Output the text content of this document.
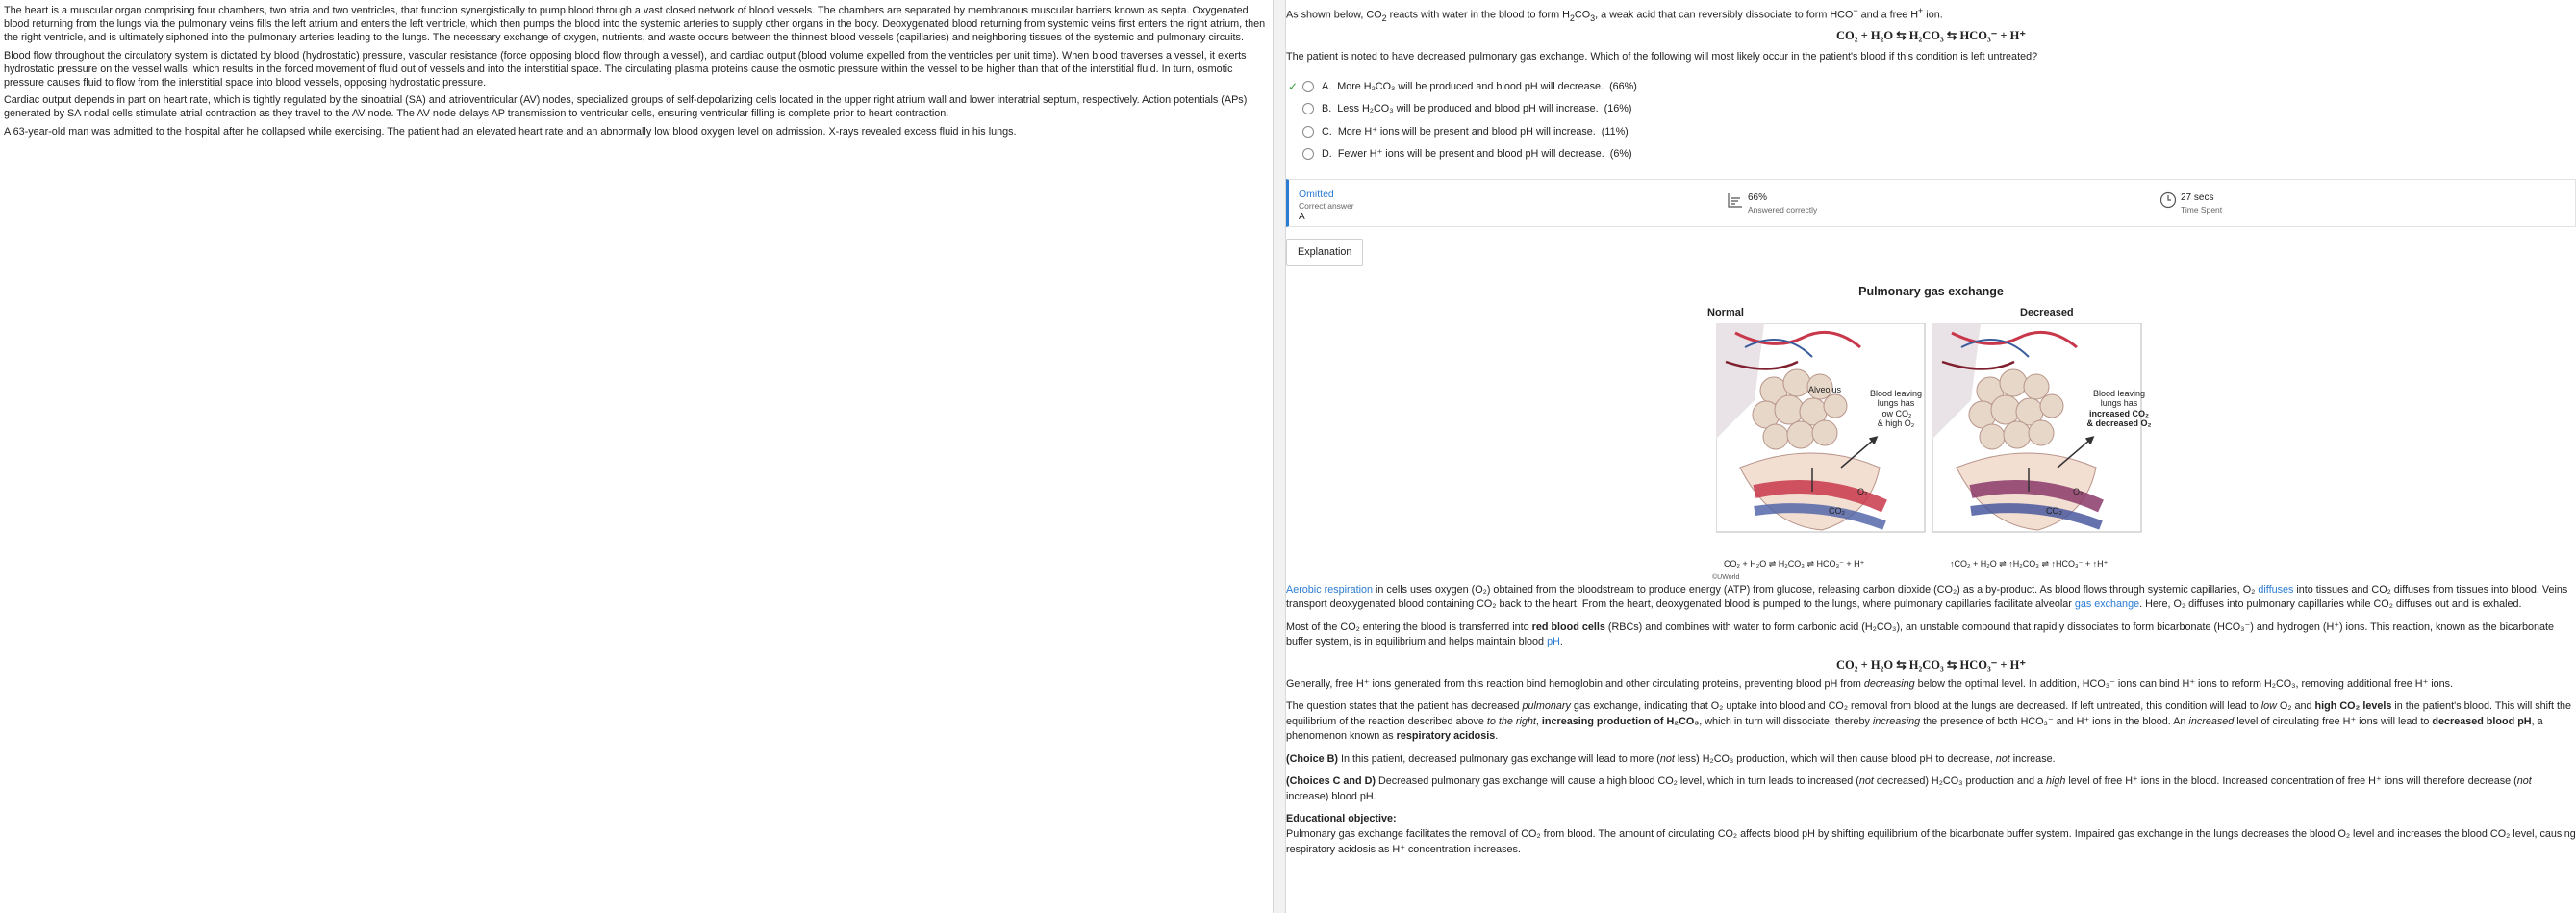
The heart is a muscular organ comprising four chambers, two atria and two ventricles, that function synergistically to pump blood through a vast closed network of blood vessels. The chambers are separated by membranous muscular barriers known as septa. Oxygenated blood returning from the lungs via the pulmonary veins fills the left atrium and enters the left ventricle, which then pumps the blood into the systemic arteries to supply other organs in the body. Deoxygenated blood returning from systemic veins first enters the right atrium, then the right ventricle, and is ultimately siphoned into the pulmonary arteries leading to the lungs. The necessary exchange of oxygen, nutrients, and waste occurs between the thinnest blood vessels (capillaries) and neighboring tissues of the systemic and pulmonary circuits.

Blood flow throughout the circulatory system is dictated by blood (hydrostatic) pressure, vascular resistance (force opposing blood flow through a vessel), and cardiac output (blood volume expelled from the ventricles per unit time). When blood traverses a vessel, it exerts hydrostatic pressure on the vessel walls, which results in the forced movement of fluid out of vessels and into the interstitial space. The circulating plasma proteins cause the osmotic pressure within the vessel to be higher than that of the interstitial fluid. In turn, osmotic pressure causes fluid to flow from the interstitial space into blood vessels, opposing hydrostatic pressure.

Cardiac output depends in part on heart rate, which is tightly regulated by the sinoatrial (SA) and atrioventricular (AV) nodes, specialized groups of self-depolarizing cells located in the upper right atrium wall and lower interatrial septum, respectively. Action potentials (APs) generated by SA nodal cells stimulate atrial contraction as they travel to the AV node. The AV node delays AP transmission to ventricular cells, ensuring ventricular filling is complete prior to heart contraction.

A 63-year-old man was admitted to the hospital after he collapsed while exercising. The patient had an elevated heart rate and an abnormally low blood oxygen level on admission. X-rays revealed excess fluid in his lungs.

As shown below, $CO_2$ reacts with water in the blood to form $H_2CO_3$, a weak acid that can reversibly dissociate to form HCO− and a free H+ ion.
CO₂ + H₂O ⇆ H₂CO₃ ⇆ HCO₃⁻ + H⁺
The patient is noted to have decreased pulmonary gas exchange. Which of the following will most likely occur in the patient's blood if this condition is left untreated?
✓ A. More H₂CO₃ will be produced and blood pH will decrease. (66%)
B. Less H₂CO₃ will be produced and blood pH will increase. (16%)
C. More H⁺ ions will be present and blood pH will increase. (11%)
D. Fewer H⁺ ions will be present and blood pH will decrease. (6%)
Omitted
Correct answer
A
66%
Answered correctly
27 secs
Time Spent
Explanation
Pulmonary gas exchange
Normal	Decreased
Alveolus	Blood leaving
lungs has
low CO₂
& high O₂
O₂
CO₂
Blood leaving
lungs has
increased CO₂
& decreased O₂
O₂
CO₂
CO₂ + H₂O ⇌ H₂CO₃ ⇌ HCO₃⁻ + H⁺	↑CO₂ + H₂O ⇌ ↑H₂CO₃ ⇌ ↑HCO₃⁻ + ↑H⁺
©UWorld

Aerobic respiration in cells uses oxygen (O₂) obtained from the bloodstream to produce energy (ATP) from glucose, releasing carbon dioxide (CO₂) as a by-product. As blood flows through systemic capillaries, O₂ diffuses into tissues and CO₂ diffuses from tissues into blood. Veins transport deoxygenated blood containing CO₂ back to the heart. From the heart, deoxygenated blood is pumped to the lungs, where pulmonary capillaries facilitate alveolar gas exchange. Here, O₂ diffuses into pulmonary capillaries while CO₂ diffuses out and is exhaled.

Most of the CO₂ entering the blood is transferred into red blood cells (RBCs) and combines with water to form carbonic acid (H₂CO₃), an unstable compound that rapidly dissociates to form bicarbonate (HCO₃⁻) and hydrogen (H⁺) ions. This reaction, known as the bicarbonate buffer system, is in equilibrium and helps maintain blood pH.

CO₂ + H₂O ⇆ H₂CO₃ ⇆ HCO₃⁻ + H⁺

Generally, free H⁺ ions generated from this reaction bind hemoglobin and other circulating proteins, preventing blood pH from decreasing below the optimal level. In addition, HCO₃⁻ ions can bind H⁺ ions to reform H₂CO₃, removing additional free H⁺ ions.

The question states that the patient has decreased pulmonary gas exchange, indicating that O₂ uptake into blood and CO₂ removal from blood at the lungs are decreased. If left untreated, this condition will lead to low O₂ and high CO₂ levels in the patient's blood. This will shift the equilibrium of the reaction described above to the right, increasing production of H₂CO₃, which in turn will dissociate, thereby increasing the presence of both HCO₃⁻ and H⁺ ions in the blood. An increased level of circulating free H⁺ ions will lead to decreased blood pH, a phenomenon known as respiratory acidosis.

(Choice B) In this patient, decreased pulmonary gas exchange will lead to more (not less) H₂CO₃ production, which will then cause blood pH to decrease, not increase.

(Choices C and D) Decreased pulmonary gas exchange will cause a high blood CO₂ level, which in turn leads to increased (not decreased) H₂CO₃ production and a high level of free H⁺ ions in the blood. Increased concentration of free H⁺ ions will therefore decrease (not increase) blood pH.

Educational objective:

Pulmonary gas exchange facilitates the removal of CO₂ from blood. The amount of circulating CO₂ affects blood pH by shifting equilibrium of the bicarbonate buffer system. Impaired gas exchange in the lungs decreases the blood O₂ level and increases the blood CO₂ level, causing respiratory acidosis as H⁺ concentration increases.
